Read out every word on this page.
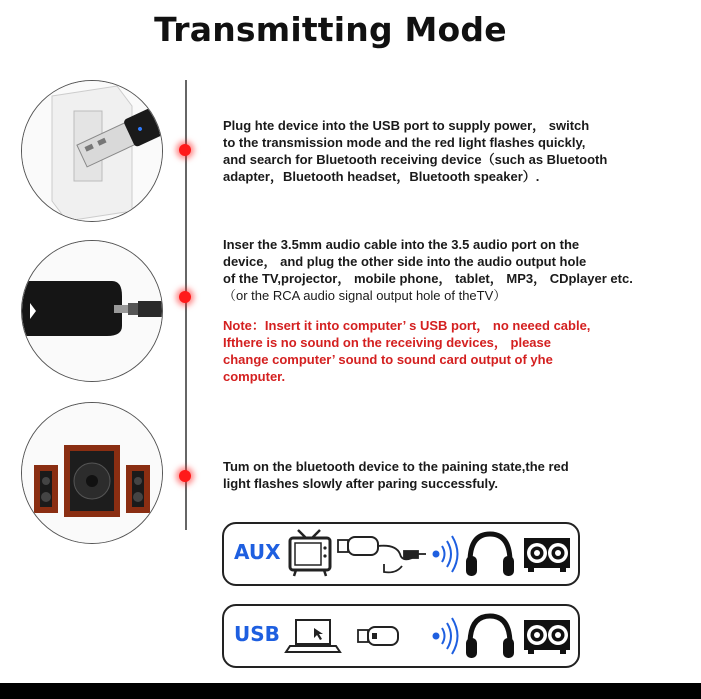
Transmitting Mode
Plug hte device into the USB port to supply power， switch
to the transmission mode and the red light flashes quickly,
and search for Bluetooth receiving device（such as Bluetooth
adapter，Bluetooth headset，Bluetooth speaker）.
Inser the 3.5mm audio cable into the 3.5 audio port on the
device， and plug the other side into the audio output hole
of the TV,projector， mobile phone， tablet， MP3， CDplayer etc.
（or the RCA audio signal output hole of theTV）
Note：Insert it into computer’ s USB port， no neeed cable,
Ifthere is no sound on the receiving devices， please
change computer’ sound to sound card output of yhe
computer.
Tum on the bluetooth device to the paining state,the red
light flashes slowly after paring successfuly.
AUX
USB
